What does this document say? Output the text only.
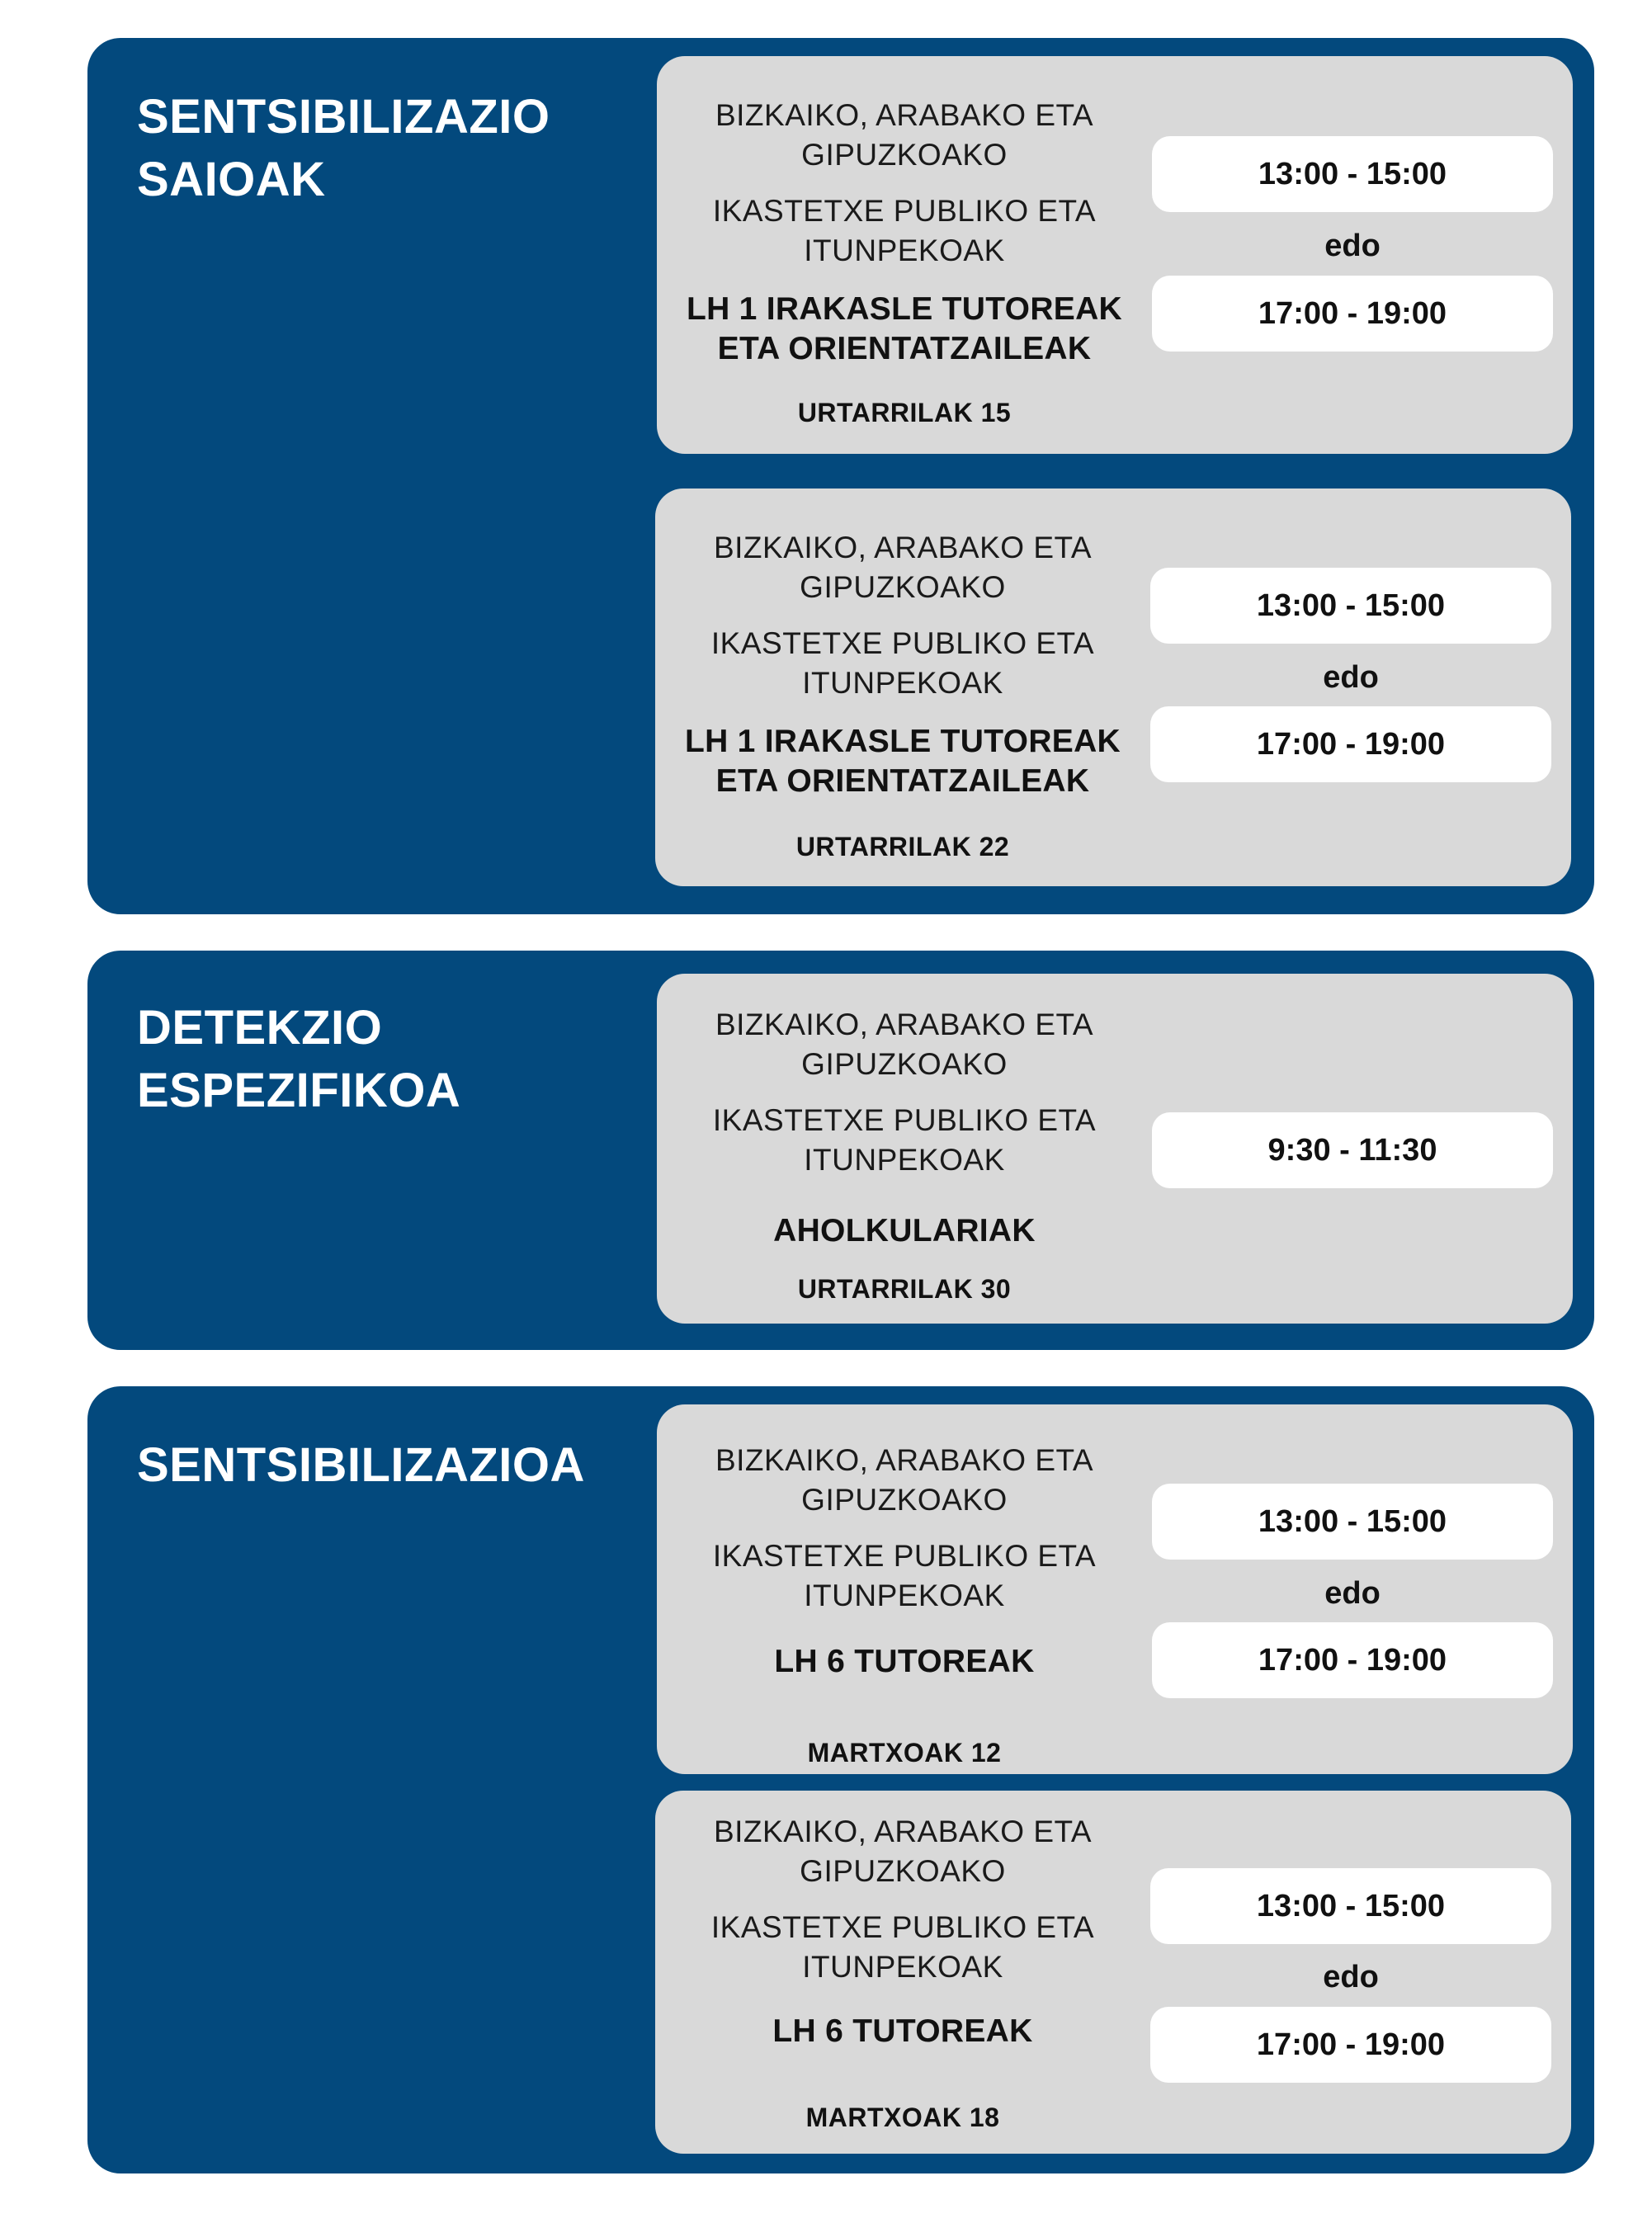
SENTSIBILIZAZIO
SAIOAK
BIZKAIKO, ARABAKO ETA
GIPUZKOAKO
IKASTETXE PUBLIKO ETA
ITUNPEKOAK
LH 1 IRAKASLE TUTOREAK
ETA ORIENTATZAILEAK
URTARRILAK 15
13:00 - 15:00
edo
17:00 - 19:00
BIZKAIKO, ARABAKO ETA
GIPUZKOAKO
IKASTETXE PUBLIKO ETA
ITUNPEKOAK
LH 1 IRAKASLE TUTOREAK
ETA ORIENTATZAILEAK
URTARRILAK 22
13:00 - 15:00
edo
17:00 - 19:00
DETEKZIO
ESPEZIFIKOA
BIZKAIKO, ARABAKO ETA
GIPUZKOAKO
IKASTETXE PUBLIKO ETA
ITUNPEKOAK
AHOLKULARIAK
URTARRILAK 30
9:30 - 11:30
SENTSIBILIZAZIOA	BIZKAIKO, ARABAKO ETA
GIPUZKOAKO
IKASTETXE PUBLIKO ETA
ITUNPEKOAK
LH 6 TUTOREAK
MARTXOAK 12
13:00 - 15:00
edo
17:00 - 19:00
BIZKAIKO, ARABAKO ETA
GIPUZKOAKO
IKASTETXE PUBLIKO ETA
ITUNPEKOAK
LH 6 TUTOREAK
MARTXOAK 18
13:00 - 15:00
edo
17:00 - 19:00
